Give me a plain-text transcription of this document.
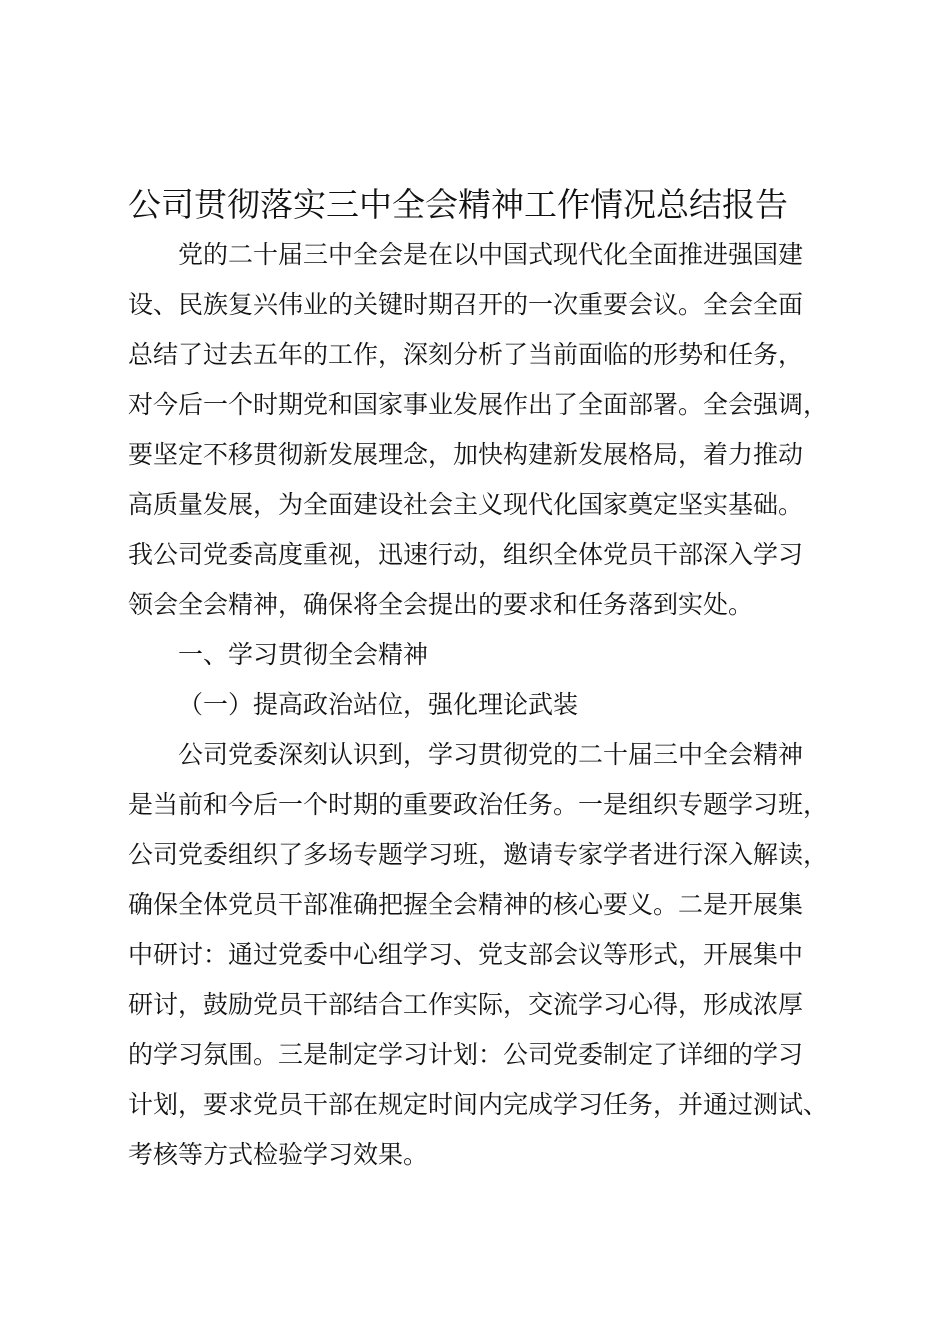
公司贯彻落实三中全会精神工作情况总结报告
党的二十届三中全会是在以中国式现代化全面推进强国建
设、民族复兴伟业的关键时期召开的一次重要会议。全会全面
总结了过去五年的工作，深刻分析了当前面临的形势和任务，
对今后一个时期党和国家事业发展作出了全面部署。全会强调，
要坚定不移贯彻新发展理念，加快构建新发展格局，着力推动
高质量发展，为全面建设社会主义现代化国家奠定坚实基础。
我公司党委高度重视，迅速行动，组织全体党员干部深入学习
领会全会精神，确保将全会提出的要求和任务落到实处。
一、学习贯彻全会精神
（一）提高政治站位，强化理论武装
公司党委深刻认识到，学习贯彻党的二十届三中全会精神
是当前和今后一个时期的重要政治任务。一是组织专题学习班，
公司党委组织了多场专题学习班，邀请专家学者进行深入解读，
确保全体党员干部准确把握全会精神的核心要义。二是开展集
中研讨：通过党委中心组学习、党支部会议等形式，开展集中
研讨，鼓励党员干部结合工作实际，交流学习心得，形成浓厚
的学习氛围。三是制定学习计划：公司党委制定了详细的学习
计划，要求党员干部在规定时间内完成学习任务，并通过测试、
考核等方式检验学习效果。
